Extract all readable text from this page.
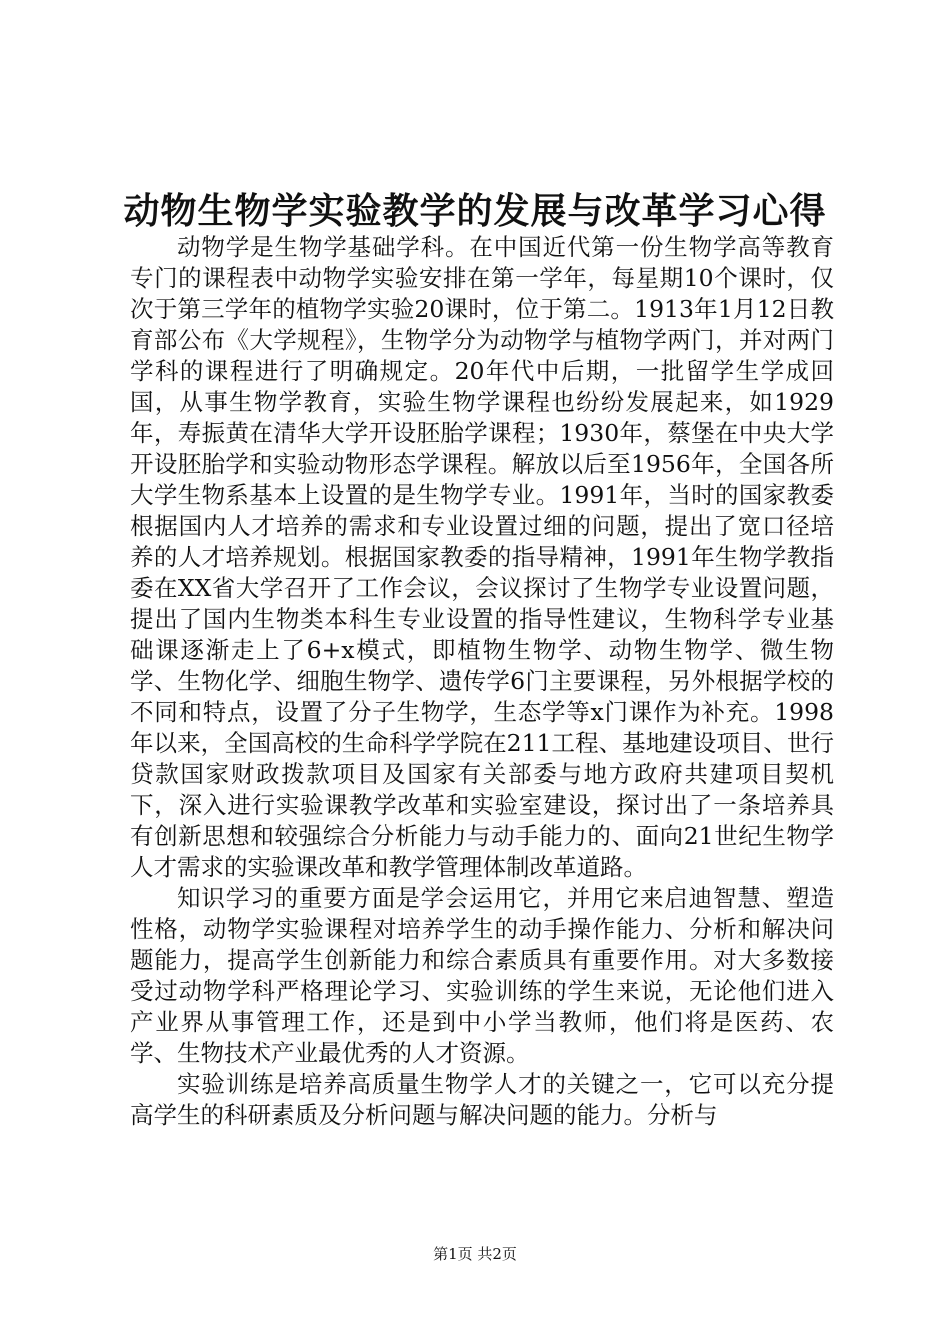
动物生物学实验教学的发展与改革学习心得

动物学是生物学基础学科。在中国近代第一份生物学高等教育专门的课程表中动物学实验安排在第一学年，每星期10个课时，仅次于第三学年的植物学实验20课时，位于第二。1913年1月12日教育部公布《大学规程》，生物学分为动物学与植物学两门，并对两门学科的课程进行了明确规定。20年代中后期，一批留学生学成回国，从事生物学教育，实验生物学课程也纷纷发展起来，如1929年，寿振黄在清华大学开设胚胎学课程；1930年，蔡堡在中央大学开设胚胎学和实验动物形态学课程。解放以后至1956年，全国各所大学生物系基本上设置的是生物学专业。1991年，当时的国家教委根据国内人才培养的需求和专业设置过细的问题，提出了宽口径培养的人才培养规划。根据国家教委的指导精神，1991年生物学教指委在XX省大学召开了工作会议，会议探讨了生物学专业设置问题，提出了国内生物类本科生专业设置的指导性建议，生物科学专业基础课逐渐走上了6+x模式，即植物生物学、动物生物学、微生物学、生物化学、细胞生物学、遗传学6门主要课程，另外根据学校的不同和特点，设置了分子生物学，生态学等x门课作为补充。1998年以来，全国高校的生命科学学院在211工程、基地建设项目、世行贷款国家财政拨款项目及国家有关部委与地方政府共建项目契机下，深入进行实验课教学改革和实验室建设，探讨出了一条培养具有创新思想和较强综合分析能力与动手能力的、面向21世纪生物学人才需求的实验课改革和教学管理体制改革道路。

知识学习的重要方面是学会运用它，并用它来启迪智慧、塑造性格，动物学实验课程对培养学生的动手操作能力、分析和解决问题能力，提高学生创新能力和综合素质具有重要作用。对大多数接受过动物学科严格理论学习、实验训练的学生来说，无论他们进入产业界从事管理工作，还是到中小学当教师，他们将是医药、农学、生物技术产业最优秀的人才资源。

实验训练是培养高质量生物学人才的关键之一，它可以充分提高学生的科研素质及分析问题与解决问题的能力。分析与

第1页 共2页
